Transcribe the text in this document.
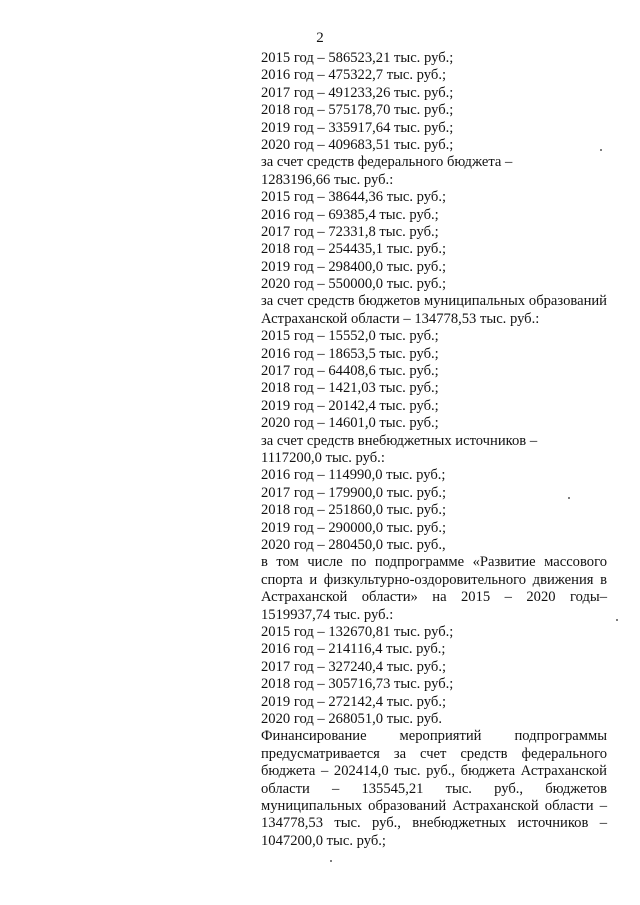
2
2015 год – 586523,21 тыс. руб.;
2016 год – 475322,7 тыс. руб.;
2017 год – 491233,26 тыс. руб.;
2018 год – 575178,70 тыс. руб.;
2019 год – 335917,64 тыс. руб.;
2020 год – 409683,51 тыс. руб.;
за счет средств федерального бюджета –
1283196,66 тыс. руб.:
2015 год – 38644,36 тыс. руб.;
2016 год – 69385,4 тыс. руб.;
2017 год – 72331,8 тыс. руб.;
2018 год – 254435,1 тыс. руб.;
2019 год – 298400,0 тыс. руб.;
2020 год – 550000,0 тыс. руб.;
за счет средств бюджетов муниципальных образований Астраханской области – 134778,53 тыс. руб.:
2015 год – 15552,0 тыс. руб.;
2016 год – 18653,5 тыс. руб.;
2017 год – 64408,6 тыс. руб.;
2018 год – 1421,03 тыс. руб.;
2019 год – 20142,4 тыс. руб.;
2020 год – 14601,0 тыс. руб.;
за счет средств внебюджетных источников –
1117200,0 тыс. руб.:
2016 год – 114990,0 тыс. руб.;
2017 год – 179900,0 тыс. руб.;
2018 год – 251860,0 тыс. руб.;
2019 год – 290000,0 тыс. руб.;
2020 год – 280450,0 тыс. руб.,
в том числе по подпрограмме «Развитие массового спорта и физкультурно-оздоровительного движения в Астраханской области» на 2015 – 2020 годы– 1519937,74 тыс. руб.:
2015 год – 132670,81 тыс. руб.;
2016 год – 214116,4 тыс. руб.;
2017 год – 327240,4 тыс. руб.;
2018 год – 305716,73 тыс. руб.;
2019 год – 272142,4 тыс. руб.;
2020 год – 268051,0 тыс. руб.
Финансирование мероприятий подпрограммы предусматривается за счет средств федерального бюджета – 202414,0 тыс. руб., бюджета Астраханской области – 135545,21 тыс. руб., бюджетов муниципальных образований Астраханской области – 134778,53 тыс. руб., внебюджетных источников – 1047200,0 тыс. руб.;
